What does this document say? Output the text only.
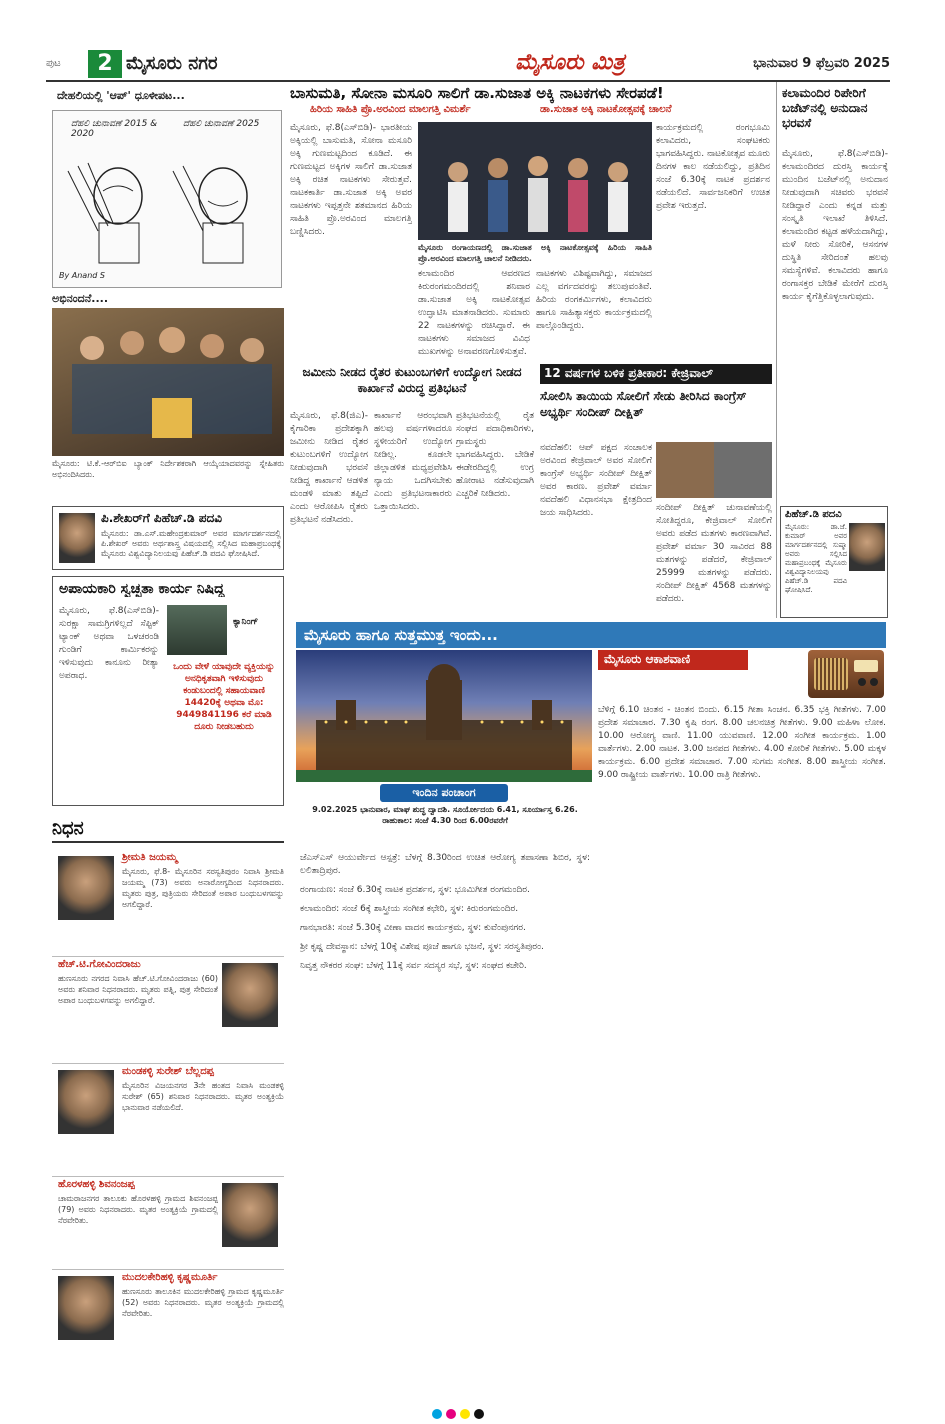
ಪುಟ	2 ಮೈಸೂರು ನಗರ	ಮೈಸೂರು ಮಿತ್ರ	ಭಾನುವಾರ 9 ಫೆಬ್ರವರಿ 2025
ದೇಹಲಿಯಲ್ಲಿ 'ಆಪ್' ಧೂಳೀಪಟ...
ದೆಹಲಿ ಚುನಾವಣೆ 2015 & 2020
ದೆಹಲಿ ಚುನಾವಣೆ 2025
By Anand S
ಅಭಿನಂದನೆ....
ಮೈಸೂರು: ಟಿ.ಕೆ.-ಆರ್‌ಬಿಐ ಬ್ಯಾಂಕ್ ನಿರ್ದೇಶಕರಾಗಿ ಆಯ್ಕೆಯಾದವರನ್ನು ಸ್ನೇಹಿತರು ಅಭಿನಂದಿಸಿದರು.
ಪಿ.ಶೇಖರ್‌ಗೆ ಪಿಹೆಚ್.ಡಿ ಪದವಿ
ಮೈಸೂರು: ಡಾ.ಎಸ್.ಮಹೇಂದ್ರಕುಮಾರ್ ಅವರ ಮಾರ್ಗದರ್ಶನದಲ್ಲಿ ಪಿ.ಶೇಖರ್ ಅವರು ಅರ್ಥಶಾಸ್ತ್ರ ವಿಷಯದಲ್ಲಿ ಸಲ್ಲಿಸಿದ ಮಹಾಪ್ರಬಂಧಕ್ಕೆ ಮೈಸೂರು ವಿಶ್ವವಿದ್ಯಾನಿಲಯವು ಪಿಹೆಚ್.ಡಿ ಪದವಿ ಘೋಷಿಸಿದೆ.
ಅಪಾಯಕಾರಿ ಸ್ವಚ್ಛತಾ ಕಾರ್ಯ ನಿಷಿದ್ಧ
ಮೈಸೂರು, ಫೆ.8(ಎಸ್‌ಬಿಡಿ)- ಸುರಕ್ಷಾ ಸಾಮಗ್ರಿಗಳಿಲ್ಲದೆ ಸೆಪ್ಟಿಕ್ ಟ್ಯಾಂಕ್ ಅಥವಾ ಒಳಚರಂಡಿ ಗುಂಡಿಗೆ ಕಾರ್ಮಿಕರನ್ನು ಇಳಿಸುವುದು ಕಾನೂನು ರೀತ್ಯಾ ಅಪರಾಧ.
ಕ್ಯಾನಿಂಗ್
ಒಂದು ವೇಳೆ ಯಾವುದೇ ವ್ಯಕ್ತಿಯನ್ನು ಅನಧಿಕೃತವಾಗಿ ಇಳಿಸುವುದು ಕಂಡುಬಂದಲ್ಲಿ ಸಹಾಯವಾಣಿ 14420ಕ್ಕೆ ಅಥವಾ ಮೊ: 9449841196 ಕರೆ ಮಾಡಿ ದೂರು ನೀಡಬಹುದು
ನಿಧನ
ಶ್ರೀಮತಿ ಜಯಮ್ಮ
ಮೈಸೂರು, ಫೆ.8- ಮೈಸೂರಿನ ಸರಸ್ವತಿಪುರಂ ನಿವಾಸಿ ಶ್ರೀಮತಿ ಜಯಮ್ಮ (73) ಅವರು ಅನಾರೋಗ್ಯದಿಂದ ನಿಧನರಾದರು. ಮೃತರು ಪುತ್ರ, ಪುತ್ರಿಯರು ಸೇರಿದಂತೆ ಅಪಾರ ಬಂಧುಬಳಗವನ್ನು ಅಗಲಿದ್ದಾರೆ.
ಹೆಚ್.ಟಿ.ಗೋವಿಂದರಾಜು
ಹುಣಸೂರು ನಗರದ ನಿವಾಸಿ ಹೆಚ್.ಟಿ.ಗೋವಿಂದರಾಜು (60) ಅವರು ಶನಿವಾರ ನಿಧನರಾದರು. ಮೃತರು ಪತ್ನಿ, ಪುತ್ರ ಸೇರಿದಂತೆ ಅಪಾರ ಬಂಧುಬಳಗವನ್ನು ಅಗಲಿದ್ದಾರೆ.
ಮಂಡಕಳ್ಳಿ ಸುರೇಶ್ ಬೆಲ್ಲದಪ್ಪ
ಮೈಸೂರಿನ ವಿಜಯನಗರ 3ನೇ ಹಂತದ ನಿವಾಸಿ ಮಂಡಕಳ್ಳಿ ಸುರೇಶ್ (65) ಶನಿವಾರ ನಿಧನರಾದರು. ಮೃತರ ಅಂತ್ಯಕ್ರಿಯೆ ಭಾನುವಾರ ನಡೆಯಲಿದೆ.
ಹೊರಳಹಳ್ಳಿ ಶಿವನಂಜಪ್ಪ
ಚಾಮರಾಜನಗರ ತಾಲೂಕು ಹೊರಳಹಳ್ಳಿ ಗ್ರಾಮದ ಶಿವನಂಜಪ್ಪ (79) ಅವರು ನಿಧನರಾದರು. ಮೃತರ ಅಂತ್ಯಕ್ರಿಯೆ ಗ್ರಾಮದಲ್ಲಿ ನೆರವೇರಿತು.
ಮುದಲಕೇರಿಹಳ್ಳಿ ಕೃಷ್ಣಮೂರ್ತಿ
ಹುಣಸೂರು ತಾಲೂಕಿನ ಮುದಲಕೇರಿಹಳ್ಳಿ ಗ್ರಾಮದ ಕೃಷ್ಣಮೂರ್ತಿ (52) ಅವರು ನಿಧನರಾದರು. ಮೃತರ ಅಂತ್ಯಕ್ರಿಯೆ ಗ್ರಾಮದಲ್ಲಿ ನೆರವೇರಿತು.
ಬಾಸುಮತಿ, ಸೋನಾ ಮಸೂರಿ ಸಾಲಿಗೆ ಡಾ.ಸುಜಾತ ಅಕ್ಕಿ ನಾಟಕಗಳು ಸೇರಪಡೆ!
ಹಿರಿಯ ಸಾಹಿತಿ ಪ್ರೊ.ಅರವಿಂದ ಮಾಲಗತ್ತಿ ವಿಮರ್ಶೆ	ಡಾ.ಸುಜಾತ ಅಕ್ಕಿ ನಾಟಕೋತ್ಸವಕ್ಕೆ ಚಾಲನೆ
ಮೈಸೂರು, ಫೆ.8(ಎಸ್‌ಬಿಡಿ)- ಭಾರತೀಯ ಅಕ್ಕಿಯಲ್ಲಿ ಬಾಸುಮತಿ, ಸೋನಾ ಮಸೂರಿ ಅಕ್ಕಿ ಗುಣಮಟ್ಟದಿಂದ ಕೂಡಿದೆ. ಈ ಗುಣಮಟ್ಟದ ಅಕ್ಕಿಗಳ ಸಾಲಿಗೆ ಡಾ.ಸುಜಾತ ಅಕ್ಕಿ ರಚಿತ ನಾಟಕಗಳು ಸೇರುತ್ತವೆ. ನಾಟಕಕಾರ್ತಿ ಡಾ.ಸುಜಾತ ಅಕ್ಕಿ ಅವರ ನಾಟಕಗಳು ಇಪ್ಪತ್ತನೇ ಶತಮಾನದ ಹಿರಿಯ ಸಾಹಿತಿ ಪ್ರೊ.ಅರವಿಂದ ಮಾಲಗತ್ತಿ ಬಣ್ಣಿಸಿದರು.
ಮೈಸೂರು ರಂಗಾಯಣದಲ್ಲಿ ಡಾ.ಸುಜಾತ ಅಕ್ಕಿ ನಾಟಕೋತ್ಸವಕ್ಕೆ ಹಿರಿಯ ಸಾಹಿತಿ ಪ್ರೊ.ಅರವಿಂದ ಮಾಲಗತ್ತಿ ಚಾಲನೆ ನೀಡಿದರು.
ಕಲಾಮಂದಿರ ಆವರಣದ ಕಿರುರಂಗಮಂದಿರದಲ್ಲಿ ಶನಿವಾರ ಡಾ.ಸುಜಾತ ಅಕ್ಕಿ ನಾಟಕೋತ್ಸವ ಉದ್ಘಾಟಿಸಿ ಮಾತನಾಡಿದರು. ಸುಮಾರು 22 ನಾಟಕಗಳನ್ನು ರಚಿಸಿದ್ದಾರೆ. ಈ ನಾಟಕಗಳು ಸಮಾಜದ ವಿವಿಧ ಮುಖಗಳನ್ನು ಅನಾವರಣಗೊಳಿಸುತ್ತವೆ.
ನಾಟಕಗಳು ವಿಶಿಷ್ಟವಾಗಿದ್ದು, ಸಮಾಜದ ಎಲ್ಲ ವರ್ಗದವರನ್ನು ತಲುಪುವಂತಿವೆ. ಹಿರಿಯ ರಂಗಕರ್ಮಿಗಳು, ಕಲಾವಿದರು ಹಾಗೂ ಸಾಹಿತ್ಯಾಸಕ್ತರು ಕಾರ್ಯಕ್ರಮದಲ್ಲಿ ಪಾಲ್ಗೊಂಡಿದ್ದರು.
ಕಾರ್ಯಕ್ರಮದಲ್ಲಿ ರಂಗಭೂಮಿ ಕಲಾವಿದರು, ಸಂಘಟಕರು ಭಾಗವಹಿಸಿದ್ದರು. ನಾಟಕೋತ್ಸವ ಮೂರು ದಿನಗಳ ಕಾಲ ನಡೆಯಲಿದ್ದು, ಪ್ರತಿದಿನ ಸಂಜೆ 6.30ಕ್ಕೆ ನಾಟಕ ಪ್ರದರ್ಶನ ನಡೆಯಲಿದೆ. ಸಾರ್ವಜನಿಕರಿಗೆ ಉಚಿತ ಪ್ರವೇಶ ಇರುತ್ತದೆ.
ಕಲಾಮಂದಿರ ರಿಪೇರಿಗೆ ಬಜೆಟ್‌ನಲ್ಲಿ ಅನುದಾನ ಭರವಸೆ
ಮೈಸೂರು, ಫೆ.8(ಎಸ್‌ಬಿಡಿ)- ಕಲಾಮಂದಿರದ ದುರಸ್ತಿ ಕಾರ್ಯಕ್ಕೆ ಮುಂದಿನ ಬಜೆಟ್‌ನಲ್ಲಿ ಅನುದಾನ ನೀಡುವುದಾಗಿ ಸಚಿವರು ಭರವಸೆ ನೀಡಿದ್ದಾರೆ ಎಂದು ಕನ್ನಡ ಮತ್ತು ಸಂಸ್ಕೃತಿ ಇಲಾಖೆ ತಿಳಿಸಿದೆ. ಕಲಾಮಂದಿರ ಕಟ್ಟಡ ಹಳೆಯದಾಗಿದ್ದು, ಮಳೆ ನೀರು ಸೋರಿಕೆ, ಆಸನಗಳ ದುಸ್ಥಿತಿ ಸೇರಿದಂತೆ ಹಲವು ಸಮಸ್ಯೆಗಳಿವೆ. ಕಲಾವಿದರು ಹಾಗೂ ರಂಗಾಸಕ್ತರ ಬೇಡಿಕೆ ಮೇರೆಗೆ ದುರಸ್ತಿ ಕಾರ್ಯ ಕೈಗೆತ್ತಿಕೊಳ್ಳಲಾಗುವುದು.
ಪಿಹೆಚ್.ಡಿ ಪದವಿ
ಮೈಸೂರು: ಡಾ.ಜೆ. ಕುಮಾರ್ ಅವರ ಮಾರ್ಗದರ್ಶನದಲ್ಲಿ ಸುಷ್ಮಾ ಅವರು ಸಲ್ಲಿಸಿದ ಮಹಾಪ್ರಬಂಧಕ್ಕೆ ಮೈಸೂರು ವಿಶ್ವವಿದ್ಯಾನಿಲಯವು ಪಿಹೆಚ್.ಡಿ ಪದವಿ ಘೋಷಿಸಿದೆ.
ಜಮೀನು ನೀಡದ ರೈತರ ಕುಟುಂಬಗಳಿಗೆ ಉದ್ಯೋಗ ನೀಡದ ಕಾರ್ಖಾನೆ ವಿರುದ್ಧ ಪ್ರತಿಭಟನೆ
ಮೈಸೂರು, ಫೆ.8(ಜಿಎ)- ಕೈಗಾರಿಕಾ ಪ್ರದೇಶಕ್ಕಾಗಿ ಜಮೀನು ನೀಡಿದ ರೈತರ ಕುಟುಂಬಗಳಿಗೆ ಉದ್ಯೋಗ ನೀಡುವುದಾಗಿ ಭರವಸೆ ನೀಡಿದ್ದ ಕಾರ್ಖಾನೆ ಆಡಳಿತ ಮಂಡಳಿ ಮಾತು ತಪ್ಪಿದೆ ಎಂದು ಆರೋಪಿಸಿ ರೈತರು ಪ್ರತಿಭಟನೆ ನಡೆಸಿದರು.
ಕಾರ್ಖಾನೆ ಆರಂಭವಾಗಿ ಹಲವು ವರ್ಷಗಳಾದರೂ ಸ್ಥಳೀಯರಿಗೆ ಉದ್ಯೋಗ ನೀಡಿಲ್ಲ. ಕೂಡಲೇ ಜಿಲ್ಲಾಡಳಿತ ಮಧ್ಯಪ್ರವೇಶಿಸಿ ನ್ಯಾಯ ಒದಗಿಸಬೇಕು ಎಂದು ಪ್ರತಿಭಟನಾಕಾರರು ಒತ್ತಾಯಿಸಿದರು.
ಪ್ರತಿಭಟನೆಯಲ್ಲಿ ರೈತ ಸಂಘದ ಪದಾಧಿಕಾರಿಗಳು, ಗ್ರಾಮಸ್ಥರು ಭಾಗವಹಿಸಿದ್ದರು. ಬೇಡಿಕೆ ಈಡೇರದಿದ್ದಲ್ಲಿ ಉಗ್ರ ಹೋರಾಟ ನಡೆಸುವುದಾಗಿ ಎಚ್ಚರಿಕೆ ನೀಡಿದರು.
12 ವರ್ಷಗಳ ಬಳಿಕ ಪ್ರತೀಕಾರ: ಕೇಜ್ರಿವಾಲ್
ಸೋಲಿಸಿ ತಾಯಿಯ ಸೋಲಿಗೆ ಸೇಡು ತೀರಿಸಿದ ಕಾಂಗ್ರೆಸ್ ಅಭ್ಯರ್ಥಿ ಸಂದೀಪ್ ದೀಕ್ಷಿತ್
ನವದೆಹಲಿ: ಆಪ್ ಪಕ್ಷದ ಸಂಚಾಲಕ ಅರವಿಂದ ಕೇಜ್ರಿವಾಲ್ ಅವರ ಸೋಲಿಗೆ ಕಾಂಗ್ರೆಸ್ ಅಭ್ಯರ್ಥಿ ಸಂದೀಪ್ ದೀಕ್ಷಿತ್ ಅವರ ಕಾರಣ. ಪ್ರವೇಶ್ ವರ್ಮಾ ನವದೆಹಲಿ ವಿಧಾನಸಭಾ ಕ್ಷೇತ್ರದಿಂದ ಜಯ ಸಾಧಿಸಿದರು.	ಸಂದೀಪ್ ದೀಕ್ಷಿತ್ ಚುನಾವಣೆಯಲ್ಲಿ ಸೋತಿದ್ದರೂ, ಕೇಜ್ರಿವಾಲ್ ಸೋಲಿಗೆ ಅವರು ಪಡೆದ ಮತಗಳು ಕಾರಣವಾಗಿವೆ. ಪ್ರವೇಶ್ ವರ್ಮಾ 30 ಸಾವಿರದ 88 ಮತಗಳನ್ನು ಪಡೆದರೆ, ಕೇಜ್ರಿವಾಲ್ 25999 ಮತಗಳನ್ನು ಪಡೆದರು. ಸಂದೀಪ್ ದೀಕ್ಷಿತ್ 4568 ಮತಗಳನ್ನು ಪಡೆದರು.
ಮೈಸೂರು ಹಾಗೂ ಸುತ್ತಮುತ್ತ ಇಂದು...
ಇಂದಿನ ಪಂಚಾಂಗ
9.02.2025 ಭಾನುವಾರ, ಮಾಘ ಶುದ್ಧ ದ್ವಾದಶಿ. ಸೂರ್ಯೋದಯ 6.41, ಸೂರ್ಯಾಸ್ತ 6.26. ರಾಹುಕಾಲ: ಸಂಜೆ 4.30 ರಿಂದ 6.00ರವರೆಗೆ
ಜೆಎಸ್‌ಎಸ್ ಆಯುರ್ವೇದ ಆಸ್ಪತ್ರೆ: ಬೆಳಗ್ಗೆ 8.30ರಿಂದ ಉಚಿತ ಆರೋಗ್ಯ ತಪಾಸಣಾ ಶಿಬಿರ, ಸ್ಥಳ: ಲಲಿತಾದ್ರಿಪುರ.
ರಂಗಾಯಣ: ಸಂಜೆ 6.30ಕ್ಕೆ ನಾಟಕ ಪ್ರದರ್ಶನ, ಸ್ಥಳ: ಭೂಮಿಗೀತ ರಂಗಮಂದಿರ.
ಕಲಾಮಂದಿರ: ಸಂಜೆ 6ಕ್ಕೆ ಶಾಸ್ತ್ರೀಯ ಸಂಗೀತ ಕಛೇರಿ, ಸ್ಥಳ: ಕಿರುರಂಗಮಂದಿರ.
ಗಾನಭಾರತಿ: ಸಂಜೆ 5.30ಕ್ಕೆ ವೀಣಾ ವಾದನ ಕಾರ್ಯಕ್ರಮ, ಸ್ಥಳ: ಕುವೆಂಪುನಗರ.
ಶ್ರೀ ಕೃಷ್ಣ ದೇವಸ್ಥಾನ: ಬೆಳಗ್ಗೆ 10ಕ್ಕೆ ವಿಶೇಷ ಪೂಜೆ ಹಾಗೂ ಭಜನೆ, ಸ್ಥಳ: ಸರಸ್ವತಿಪುರಂ.
ನಿವೃತ್ತ ನೌಕರರ ಸಂಘ: ಬೆಳಗ್ಗೆ 11ಕ್ಕೆ ಸರ್ವ ಸದಸ್ಯರ ಸಭೆ, ಸ್ಥಳ: ಸಂಘದ ಕಚೇರಿ.
ಮೈಸೂರು ಆಕಾಶವಾಣಿ
ಬೆಳಿಗ್ಗೆ 6.10 ಚಿಂತನ - ಚಿಂತನ ಬಿಂದು. 6.15 ಗೀತಾ ಸಿಂಚನ. 6.35 ಭಕ್ತಿ ಗೀತೆಗಳು. 7.00 ಪ್ರದೇಶ ಸಮಾಚಾರ. 7.30 ಕೃಷಿ ರಂಗ. 8.00 ಚಲನಚಿತ್ರ ಗೀತೆಗಳು. 9.00 ಮಹಿಳಾ ಲೋಕ. 10.00 ಆರೋಗ್ಯ ವಾಣಿ. 11.00 ಯುವವಾಣಿ. 12.00 ಸಂಗೀತ ಕಾರ್ಯಕ್ರಮ. 1.00 ವಾರ್ತೆಗಳು. 2.00 ನಾಟಕ. 3.00 ಜನಪದ ಗೀತೆಗಳು. 4.00 ಕೋರಿಕೆ ಗೀತೆಗಳು. 5.00 ಮಕ್ಕಳ ಕಾರ್ಯಕ್ರಮ. 6.00 ಪ್ರದೇಶ ಸಮಾಚಾರ. 7.00 ಸುಗಮ ಸಂಗೀತ. 8.00 ಶಾಸ್ತ್ರೀಯ ಸಂಗೀತ. 9.00 ರಾಷ್ಟ್ರೀಯ ವಾರ್ತೆಗಳು. 10.00 ರಾತ್ರಿ ಗೀತೆಗಳು.
